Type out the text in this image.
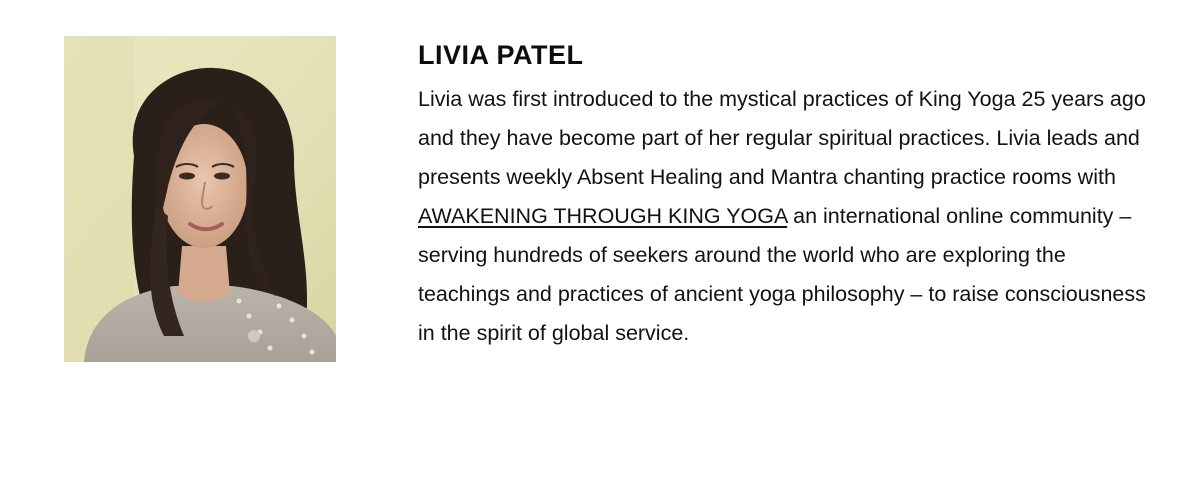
LIVIA PATEL

Livia was first introduced to the mystical practices of King Yoga 25 years ago and they have become part of her regular spiritual practices. Livia leads and presents weekly Absent Healing and Mantra chanting practice rooms with AWAKENING THROUGH KING YOGA an international online community – serving hundreds of seekers around the world who are exploring the teachings and practices of ancient yoga philosophy – to raise consciousness in the spirit of global service.
